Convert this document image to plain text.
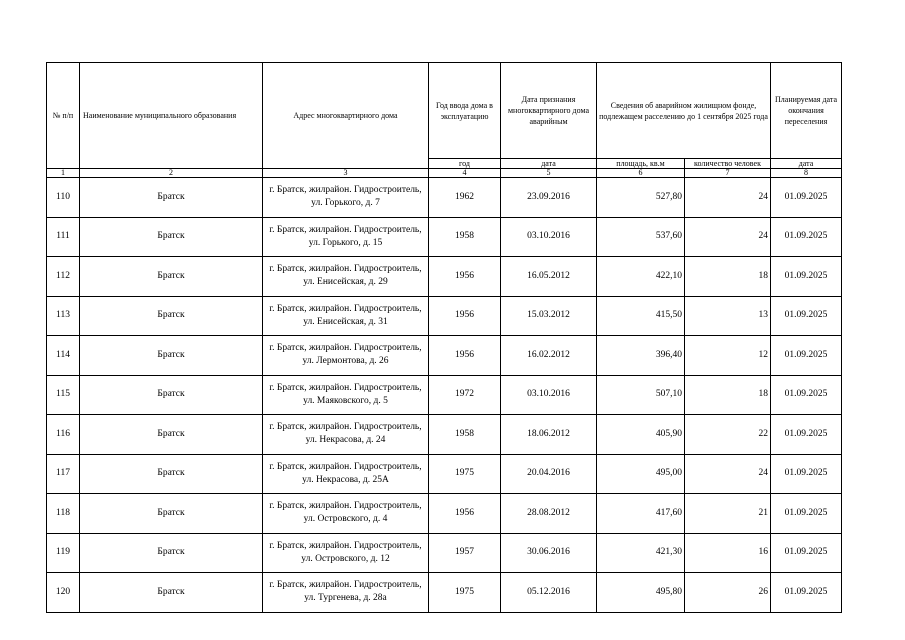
№ п/п	Наименование муниципального образования	Адрес многоквартирного дома	Год ввода дома в эксплуатацию	Дата признания многоквартирного дома аварийным	Сведения об аварийном жилищном фонде, подлежащем расселению до 1 сентября 2025 года		Планируемая дата окончания переселения
			год	дата	площадь, кв.м	количество человек	дата
1	2	3	4	5	6	7	8
110	Братск	г. Братск, жилрайон. Гидростроитель, ул. Горького, д. 7	1962	23.09.2016	527,80	24	01.09.2025
111	Братск	г. Братск, жилрайон. Гидростроитель, ул. Горького, д. 15	1958	03.10.2016	537,60	24	01.09.2025
112	Братск	г. Братск, жилрайон. Гидростроитель, ул. Енисейская, д. 29	1956	16.05.2012	422,10	18	01.09.2025
113	Братск	г. Братск, жилрайон. Гидростроитель, ул. Енисейская, д. 31	1956	15.03.2012	415,50	13	01.09.2025
114	Братск	г. Братск, жилрайон. Гидростроитель, ул. Лермонтова, д. 26	1956	16.02.2012	396,40	12	01.09.2025
115	Братск	г. Братск, жилрайон. Гидростроитель, ул. Маяковского, д. 5	1972	03.10.2016	507,10	18	01.09.2025
116	Братск	г. Братск, жилрайон. Гидростроитель, ул. Некрасова, д. 24	1958	18.06.2012	405,90	22	01.09.2025
117	Братск	г. Братск, жилрайон. Гидростроитель, ул. Некрасова, д. 25А	1975	20.04.2016	495,00	24	01.09.2025
118	Братск	г. Братск, жилрайон. Гидростроитель, ул. Островского, д. 4	1956	28.08.2012	417,60	21	01.09.2025
119	Братск	г. Братск, жилрайон. Гидростроитель, ул. Островского, д. 12	1957	30.06.2016	421,30	16	01.09.2025
120	Братск	г. Братск, жилрайон. Гидростроитель, ул. Тургенева, д. 28а	1975	05.12.2016	495,80	26	01.09.2025
